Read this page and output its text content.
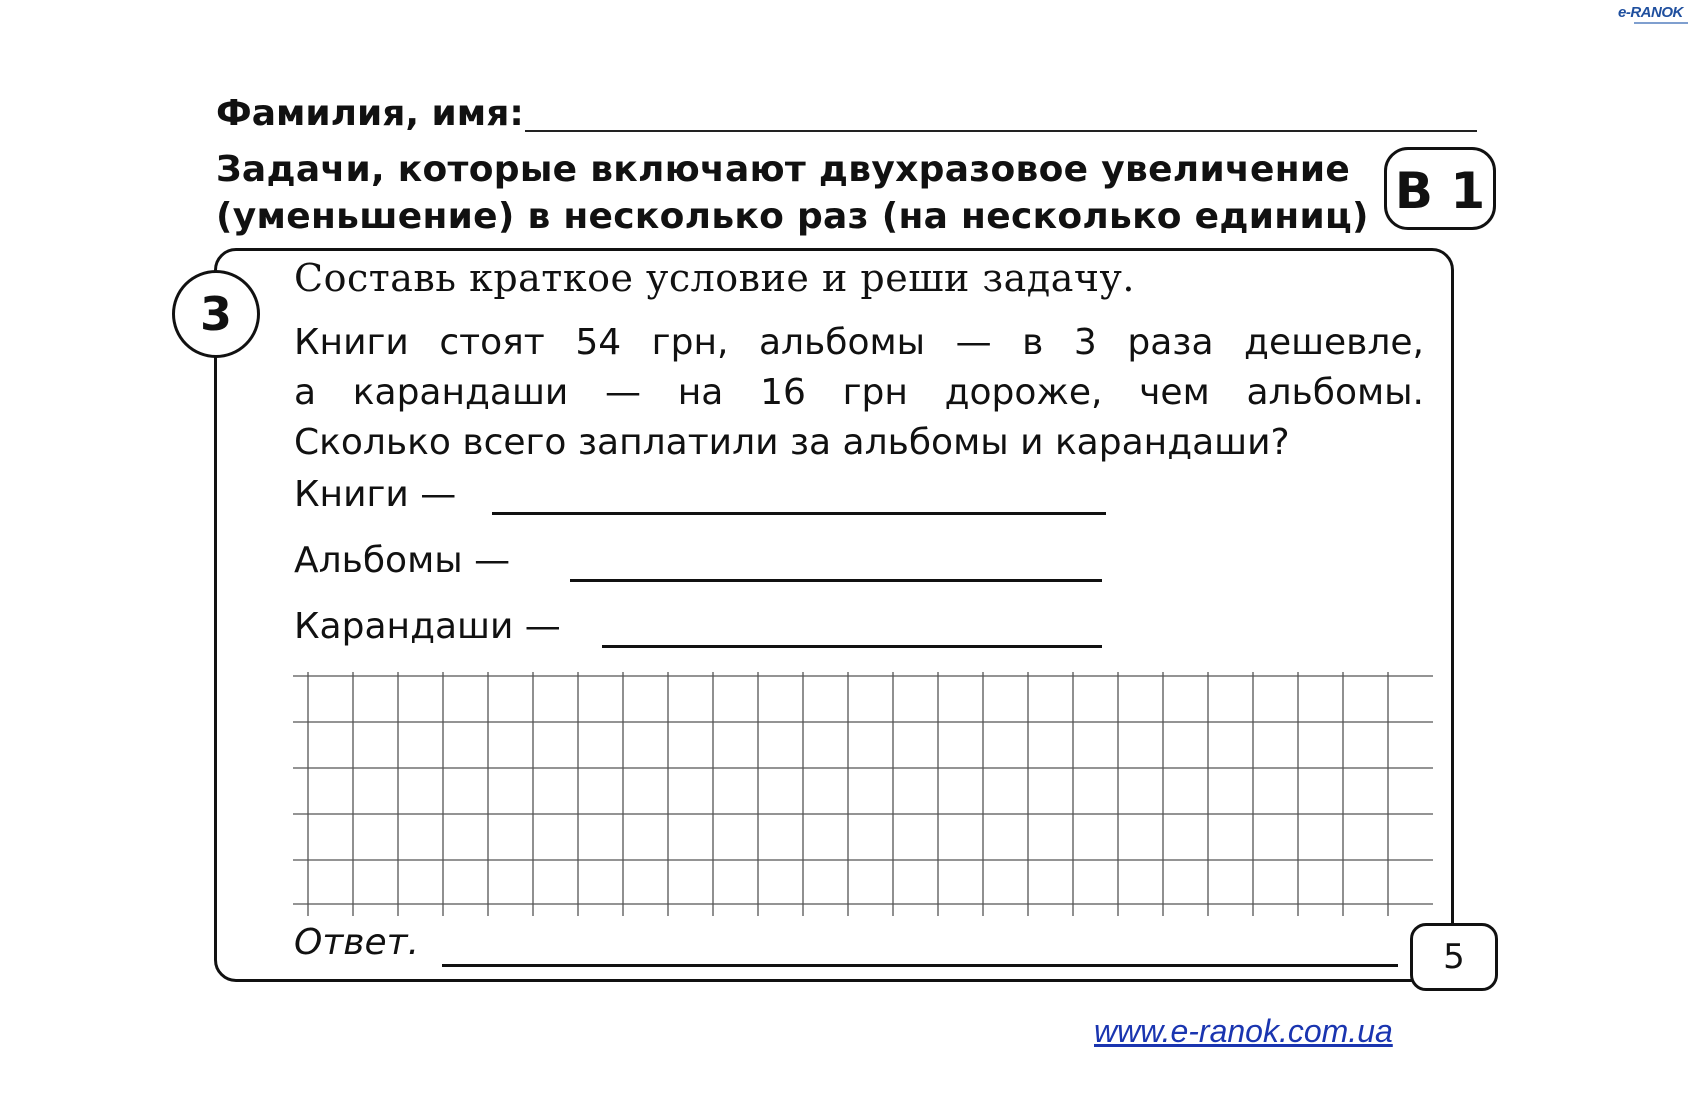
e-RANOK
Фамилия, имя:
Задачи, которые включают двухразовое увеличение
(уменьшение) в несколько раз (на несколько единиц) В 1
3
Составь краткое условие и реши задачу.
Книги стоят 54 грн, альбомы — в 3 раза дешевле,
а карандаши — на 16 грн дороже, чем альбомы.
Сколько всего заплатили за альбомы и карандаши?
Книги —
Альбомы —
Карандаши —
Ответ.	5
www.e-ranok.com.ua
